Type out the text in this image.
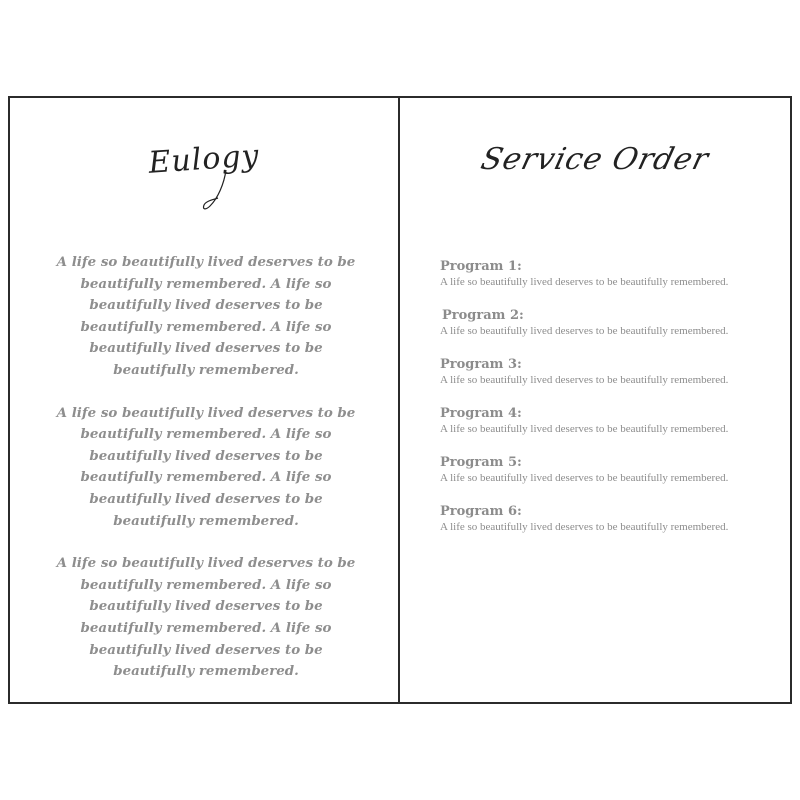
Eulogy

A life so beautifully lived deserves to be beautifully remembered. A life so beautifully lived deserves to be beautifully remembered. A life so beautifully lived deserves to be beautifully remembered.

A life so beautifully lived deserves to be beautifully remembered. A life so beautifully lived deserves to be beautifully remembered. A life so beautifully lived deserves to be beautifully remembered.

A life so beautifully lived deserves to be beautifully remembered. A life so beautifully lived deserves to be beautifully remembered. A life so beautifully lived deserves to be beautifully remembered.

Service Order
Program 1:
A life so beautifully lived deserves to be beautifully remembered.
Program 2:
A life so beautifully lived deserves to be beautifully remembered.
Program 3:
A life so beautifully lived deserves to be beautifully remembered.
Program 4:
A life so beautifully lived deserves to be beautifully remembered.
Program 5:
A life so beautifully lived deserves to be beautifully remembered.
Program 6:
A life so beautifully lived deserves to be beautifully remembered.
